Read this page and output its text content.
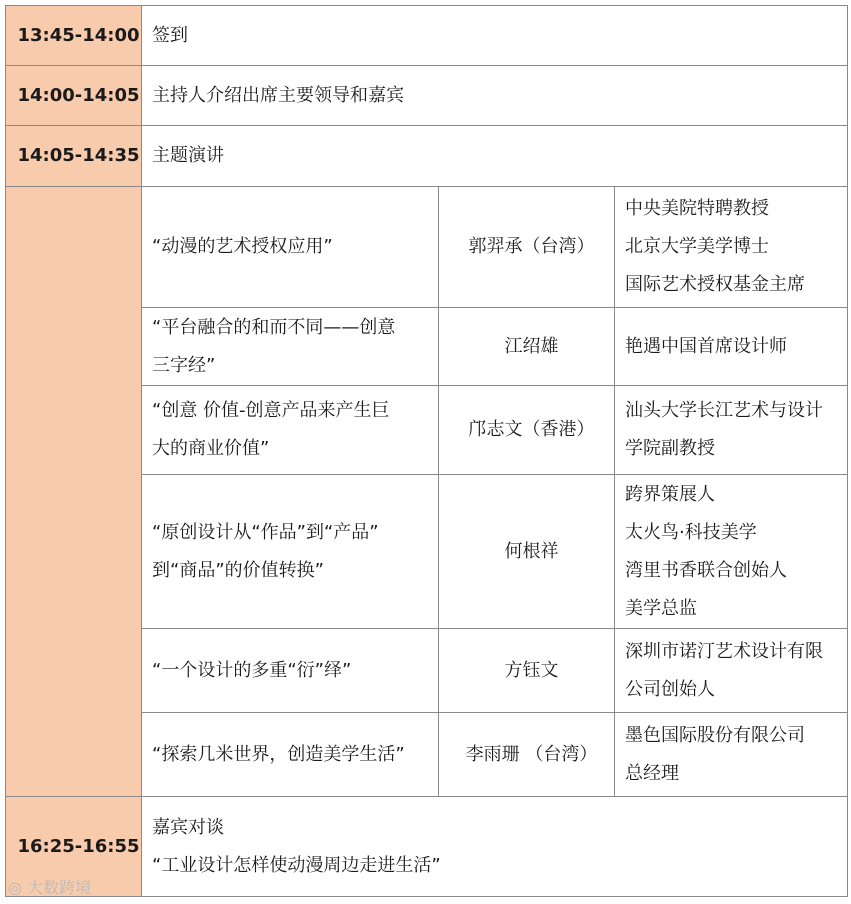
13:45-14:00	签到		
14:00-14:05	主持人介绍出席主要领导和嘉宾		
14:05-14:35	主题演讲		

	“动漫的艺术授权应用”	郭羿承（台湾）	中央美院特聘教授
北京大学美学博士
国际艺术授权基金主席

	“平台融合的和而不同——创意
三字经”	江绍雄	艳遇中国首席设计师

	“创意 价值-创意产品来产生巨
大的商业价值”	邝志文（香港）	汕头大学长江艺术与设计
学院副教授

	“原创设计从“作品”到“产品”
到“商品”的价值转换”	何根祥	跨界策展人
太火鸟·科技美学
湾里书香联合创始人
美学总监

	“一个设计的多重“衍”绎”	方钰文	深圳市诺汀艺术设计有限
公司创始人

	“探索几米世界，创造美学生活”	李雨珊 （台湾）	墨色国际股份有限公司
总经理

16:25-16:55	嘉宾对谈
“工业设计怎样使动漫周边走进生活”		
◎ 大数跨境
